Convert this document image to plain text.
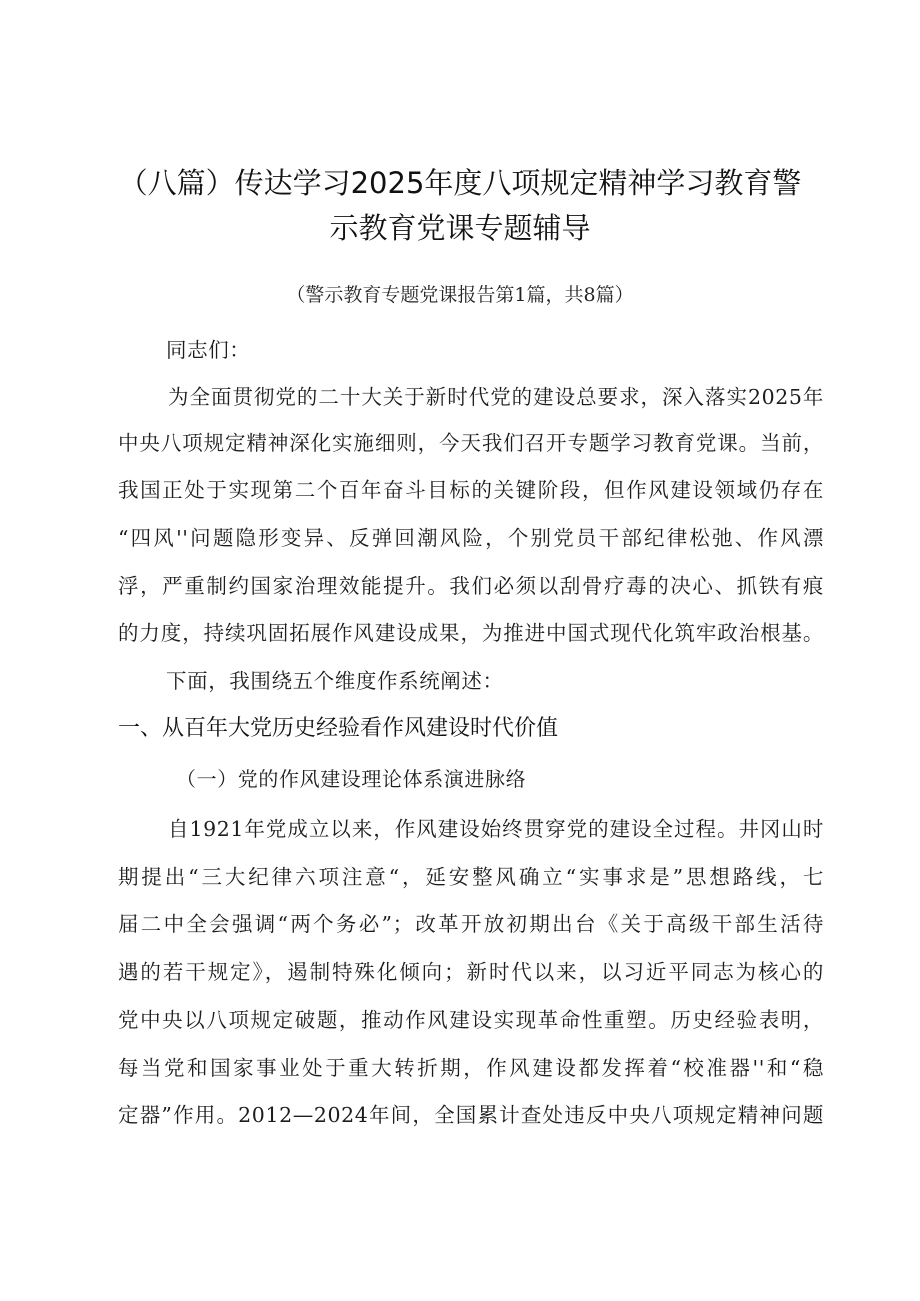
（八篇）传达学习2025年度八项规定精神学习教育警
示教育党课专题辅导
（警示教育专题党课报告第1篇，共8篇）
同志们：
为全面贯彻党的二十大关于新时代党的建设总要求，深入落实2025年
中央八项规定精神深化实施细则，今天我们召开专题学习教育党课。当前，
我国正处于实现第二个百年奋斗目标的关键阶段，但作风建设领域仍存在
“四风''问题隐形变异、反弹回潮风险，个别党员干部纪律松弛、作风漂
浮，严重制约国家治理效能提升。我们必须以刮骨疗毒的决心、抓铁有痕
的力度，持续巩固拓展作风建设成果，为推进中国式现代化筑牢政治根基。
下面，我围绕五个维度作系统阐述：
一、从百年大党历史经验看作风建设时代价值
（一）党的作风建设理论体系演进脉络
自1921年党成立以来，作风建设始终贯穿党的建设全过程。井冈山时
期提出“三大纪律六项注意“，延安整风确立“实事求是”思想路线，七
届二中全会强调“两个务必”；改革开放初期出台《关于高级干部生活待
遇的若干规定》，遏制特殊化倾向；新时代以来，以习近平同志为核心的
党中央以八项规定破题，推动作风建设实现革命性重塑。历史经验表明，
每当党和国家事业处于重大转折期，作风建设都发挥着“校准器''和“稳
定器”作用。2012—2024年间，全国累计查处违反中央八项规定精神问题
